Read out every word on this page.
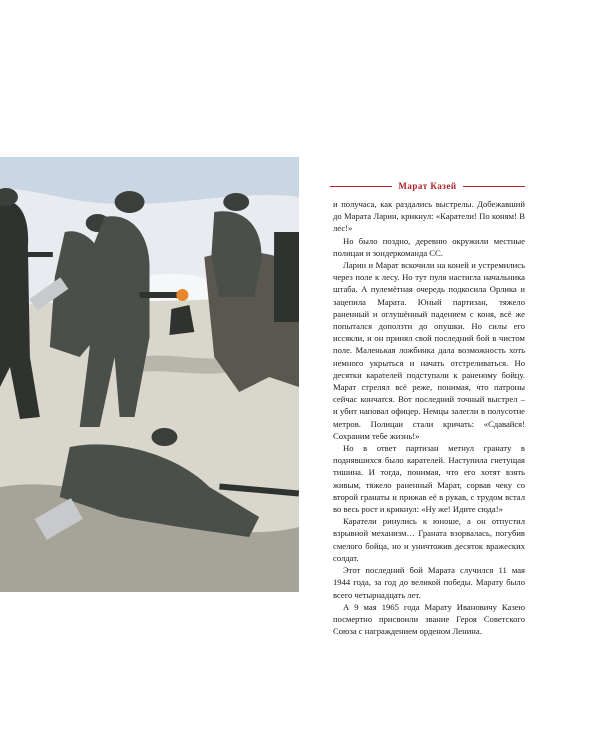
Марат Казей

и получаса, как раздались выстрелы. Добежавший до Марата Ларин, крикнул: «Каратели! По коням! В лес!»

Но было поздно, деревню окружили местные полицаи и зондеркоманда СС.

Ларин и Марат вскочили на коней и устремились через поле к лесу. Но тут пуля настигла начальника штаба. А пулемётная очередь подкосила Орлика и зацепила Марата. Юный партизан, тяжело раненный и оглушённый падением с коня, всё же попытался доползти до опушки. Но силы его иссякли, и он принял свой последний бой в чистом поле. Маленькая ложбинка дала возможность хоть немного укрыться и начать отстреливаться. Но десятки карателей подступали к раненому бойцу. Марат стрелял всё реже, понимая, что патроны сейчас кончатся. Вот последний точный выстрел – и убит наповал офицер. Немцы залегли в полусотне метров. Полицаи стали кричать: «Сдавайся! Сохраним тебе жизнь!»

Но в ответ партизан метнул гранату в поднявшихся было карателей. Наступила гнетущая тишина. И тогда, понимая, что его хотят взять живым, тяжело раненный Марат, сорвав чеку со второй гранаты и прижав её в рукав, с трудом встал во весь рост и крикнул: «Ну же! Идите сюда!»

Каратели ринулись к юноше, а он отпустил взрывной механизм… Граната взорвалась, погубив смелого бойца, но и уничтожив десяток вражеских солдат.

Этот последний бой Марата случился 11 мая 1944 года, за год до великой победы. Марату было всего четырнадцать лет.

А 9 мая 1965 года Марату Ивановичу Казею посмертно присвоили звание Героя Советского Союза с награждением орденом Ленина.
